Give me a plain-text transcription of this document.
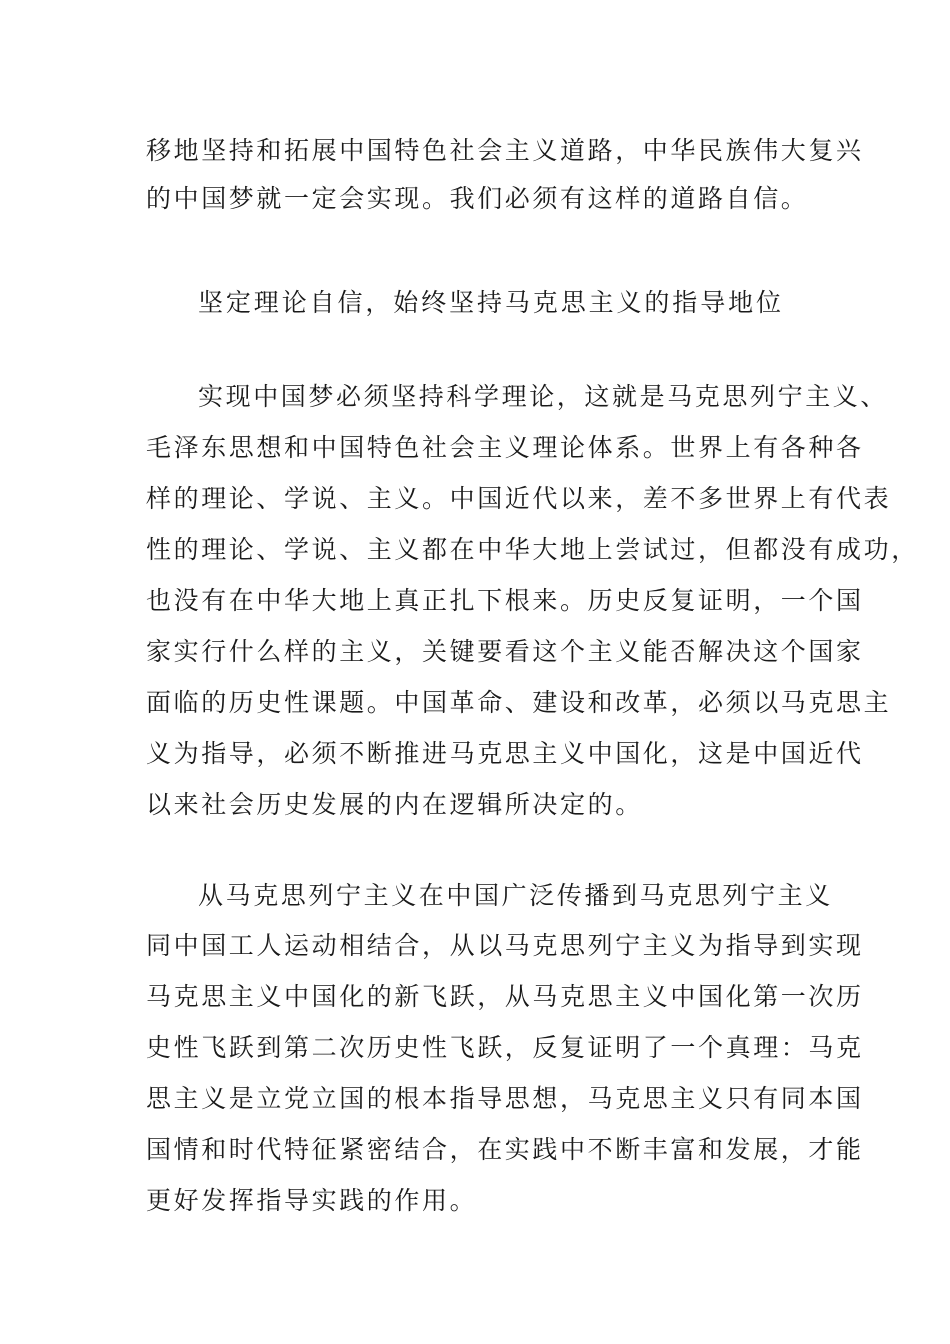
移地坚持和拓展中国特色社会主义道路，中华民族伟大复兴
的中国梦就一定会实现。我们必须有这样的道路自信。
坚定理论自信，始终坚持马克思主义的指导地位
实现中国梦必须坚持科学理论，这就是马克思列宁主义、
毛泽东思想和中国特色社会主义理论体系。世界上有各种各
样的理论、学说、主义。中国近代以来，差不多世界上有代表
性的理论、学说、主义都在中华大地上尝试过，但都没有成功，
也没有在中华大地上真正扎下根来。历史反复证明，一个国
家实行什么样的主义，关键要看这个主义能否解决这个国家
面临的历史性课题。中国革命、建设和改革，必须以马克思主
义为指导，必须不断推进马克思主义中国化，这是中国近代
以来社会历史发展的内在逻辑所决定的。
从马克思列宁主义在中国广泛传播到马克思列宁主义
同中国工人运动相结合，从以马克思列宁主义为指导到实现
马克思主义中国化的新飞跃，从马克思主义中国化第一次历
史性飞跃到第二次历史性飞跃，反复证明了一个真理：马克
思主义是立党立国的根本指导思想，马克思主义只有同本国
国情和时代特征紧密结合，在实践中不断丰富和发展，才能
更好发挥指导实践的作用。
